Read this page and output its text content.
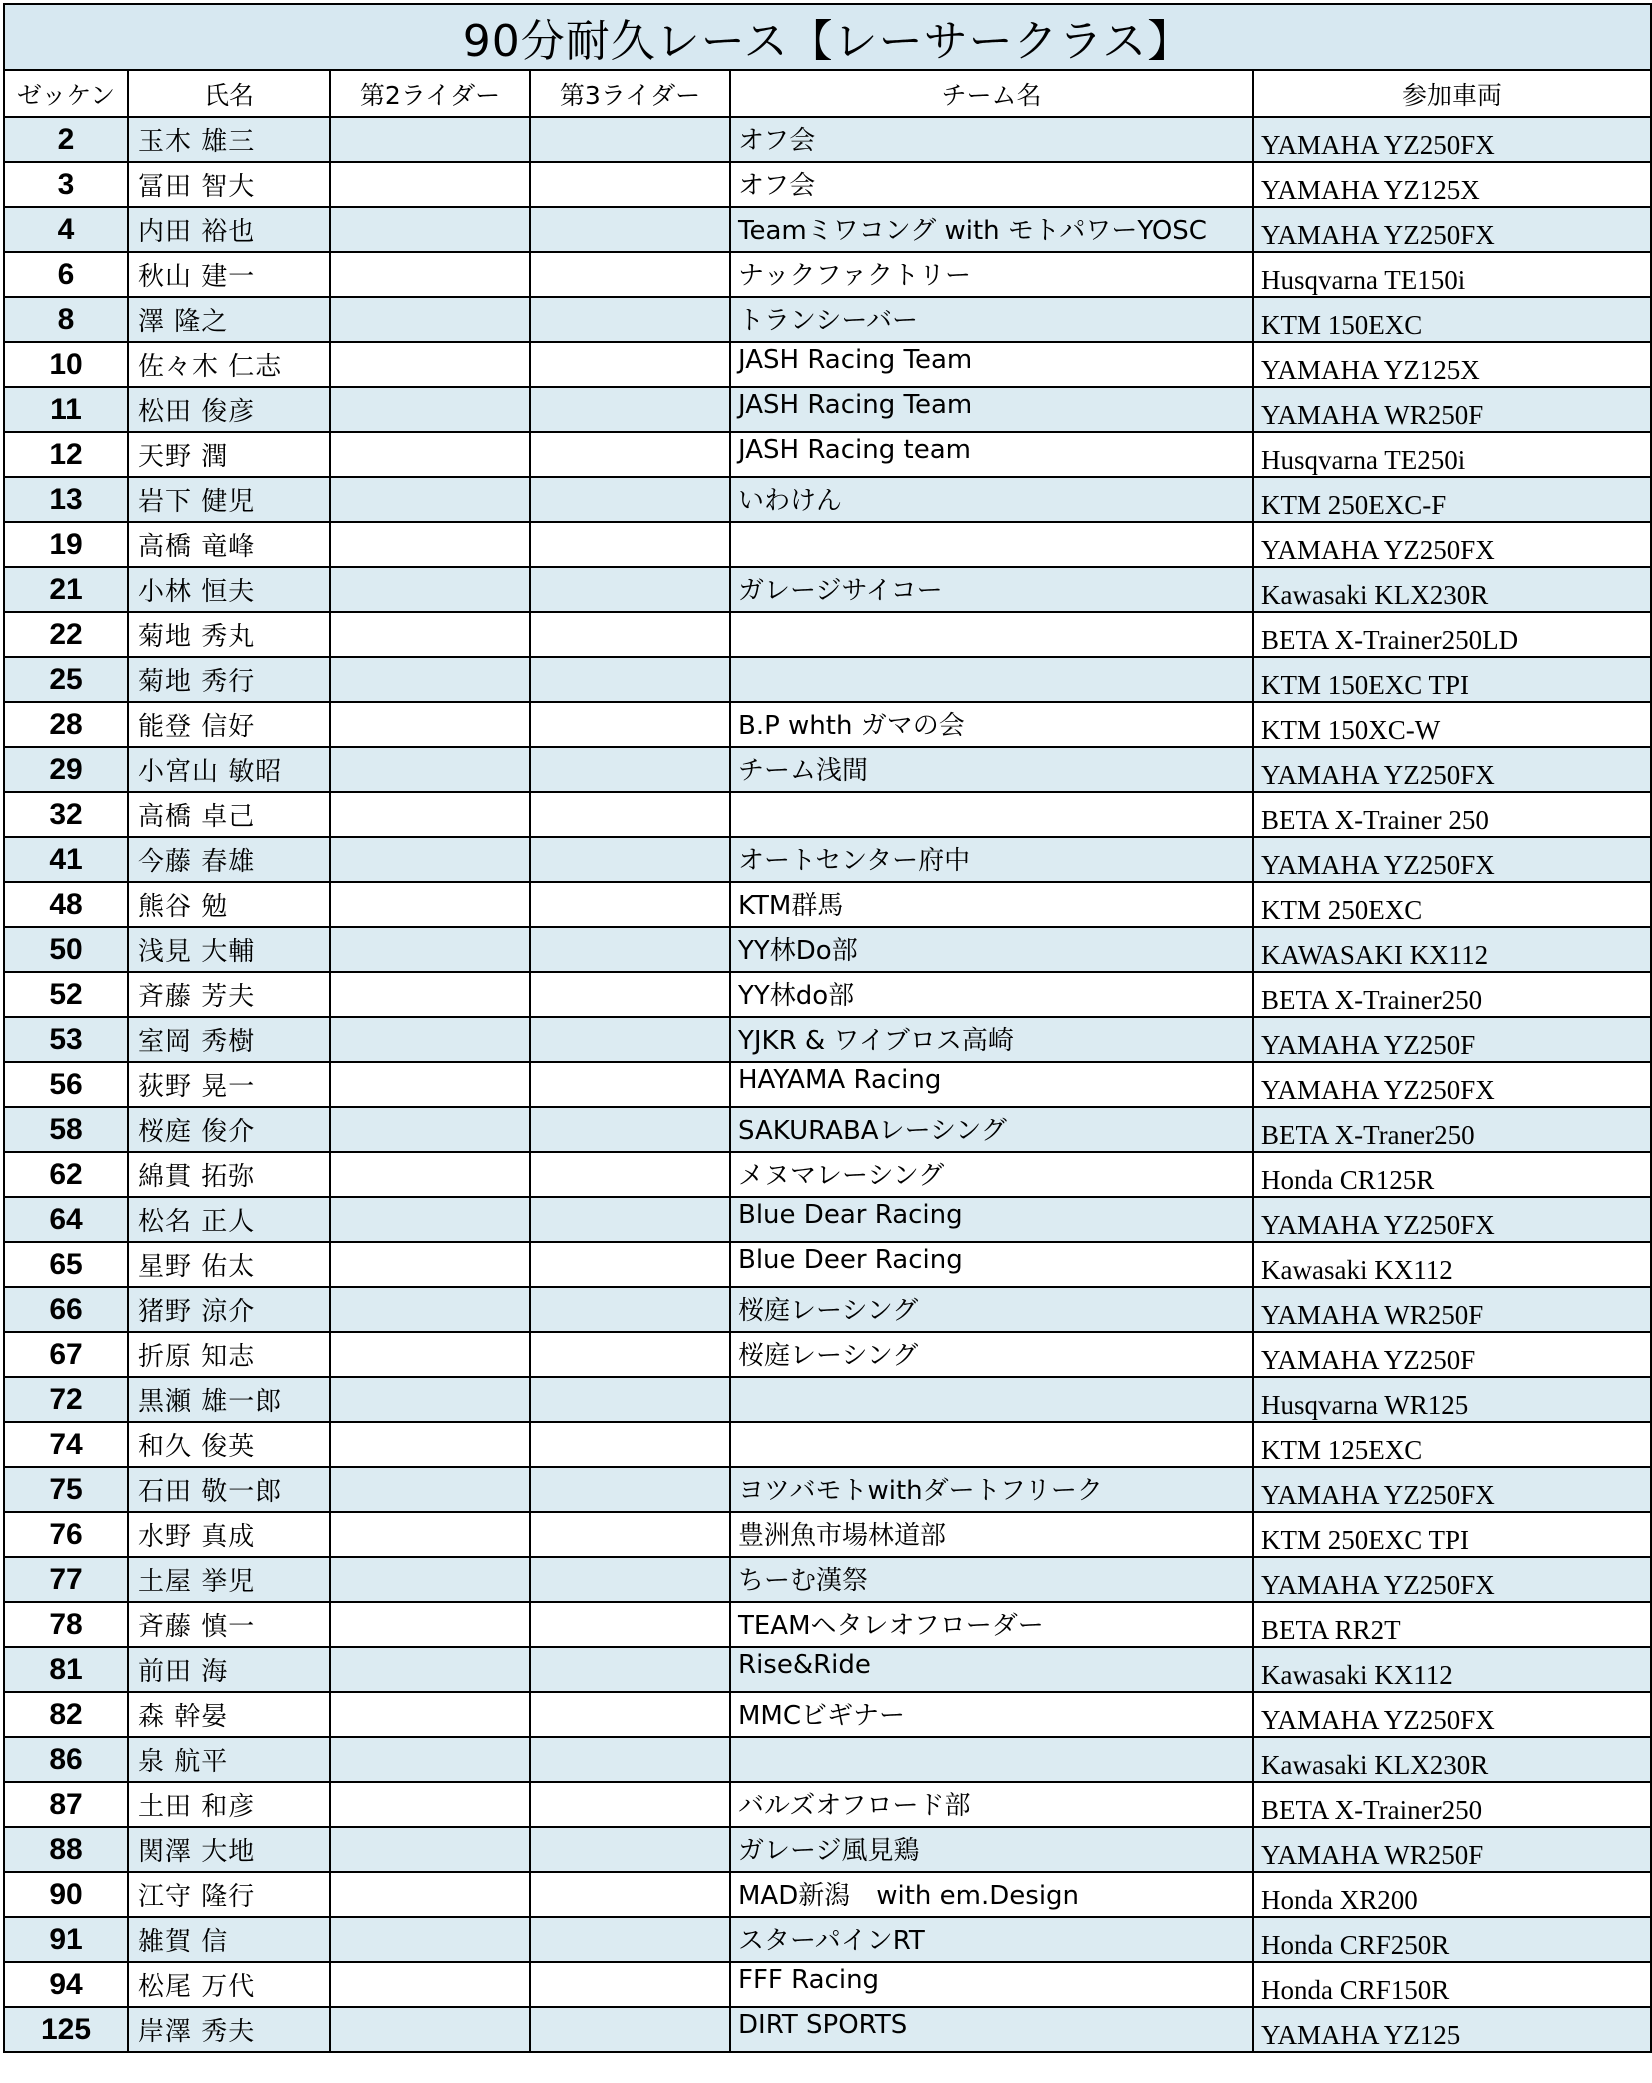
90分耐久レース【レーサークラス】					
ゼッケン	氏名	第2ライダー	第3ライダー	チーム名	参加車両
2	玉木 雄三			オフ会	YAMAHA YZ250FX
3	冨田 智大			オフ会	YAMAHA YZ125X
4	内田 裕也			Teamミワコング with モトパワーYOSC	YAMAHA YZ250FX
6	秋山 建一			ナックファクトリー	Husqvarna TE150i
8	澤 隆之			トランシーバー	KTM 150EXC
10	佐々木 仁志			JASH Racing Team	YAMAHA YZ125X
11	松田 俊彦			JASH Racing Team	YAMAHA WR250F
12	天野 潤			JASH Racing team	Husqvarna TE250i
13	岩下 健児			いわけん	KTM 250EXC-F
19	高橋 竜峰				YAMAHA YZ250FX
21	小林 恒夫			ガレージサイコー	Kawasaki KLX230R
22	菊地 秀丸				BETA X-Trainer250LD
25	菊地 秀行				KTM 150EXC TPI
28	能登 信好			B.P whth ガマの会	KTM 150XC-W
29	小宮山 敏昭			チーム浅間	YAMAHA YZ250FX
32	高橋 卓己				BETA X-Trainer 250
41	今藤 春雄			オートセンター府中	YAMAHA YZ250FX
48	熊谷 勉			KTM群馬	KTM 250EXC
50	浅見 大輔			YY林Do部	KAWASAKI KX112
52	斉藤 芳夫			YY林do部	BETA X-Trainer250
53	室岡 秀樹			YJKR & ワイブロス高崎	YAMAHA YZ250F
56	荻野 晃一			HAYAMA Racing	YAMAHA YZ250FX
58	桜庭 俊介			SAKURABAレーシング	BETA X-Traner250
62	綿貫 拓弥			メヌマレーシング	Honda CR125R
64	松名 正人			Blue Dear Racing	YAMAHA YZ250FX
65	星野 佑太			Blue Deer Racing	Kawasaki KX112
66	猪野 涼介			桜庭レーシング	YAMAHA WR250F
67	折原 知志			桜庭レーシング	YAMAHA YZ250F
72	黒瀬 雄一郎				Husqvarna WR125
74	和久 俊英				KTM 125EXC
75	石田 敬一郎			ヨツバモトwithダートフリーク	YAMAHA YZ250FX
76	水野 真成			豊洲魚市場林道部	KTM 250EXC TPI
77	土屋 挙児			ちーむ漢祭	YAMAHA YZ250FX
78	斉藤 慎一			TEAMヘタレオフローダー	BETA RR2T
81	前田 海			Rise&Ride	Kawasaki KX112
82	森 幹晏			MMCビギナー	YAMAHA YZ250FX
86	泉 航平				Kawasaki KLX230R
87	土田 和彦			バルズオフロード部	BETA X-Trainer250
88	関澤 大地			ガレージ風見鶏	YAMAHA WR250F
90	江守 隆行			MAD新潟　with em.Design	Honda XR200
91	雑賀 信			スターパインRT	Honda CRF250R
94	松尾 万代			FFF Racing	Honda CRF150R
125	岸澤 秀夫			DIRT SPORTS	YAMAHA YZ125
